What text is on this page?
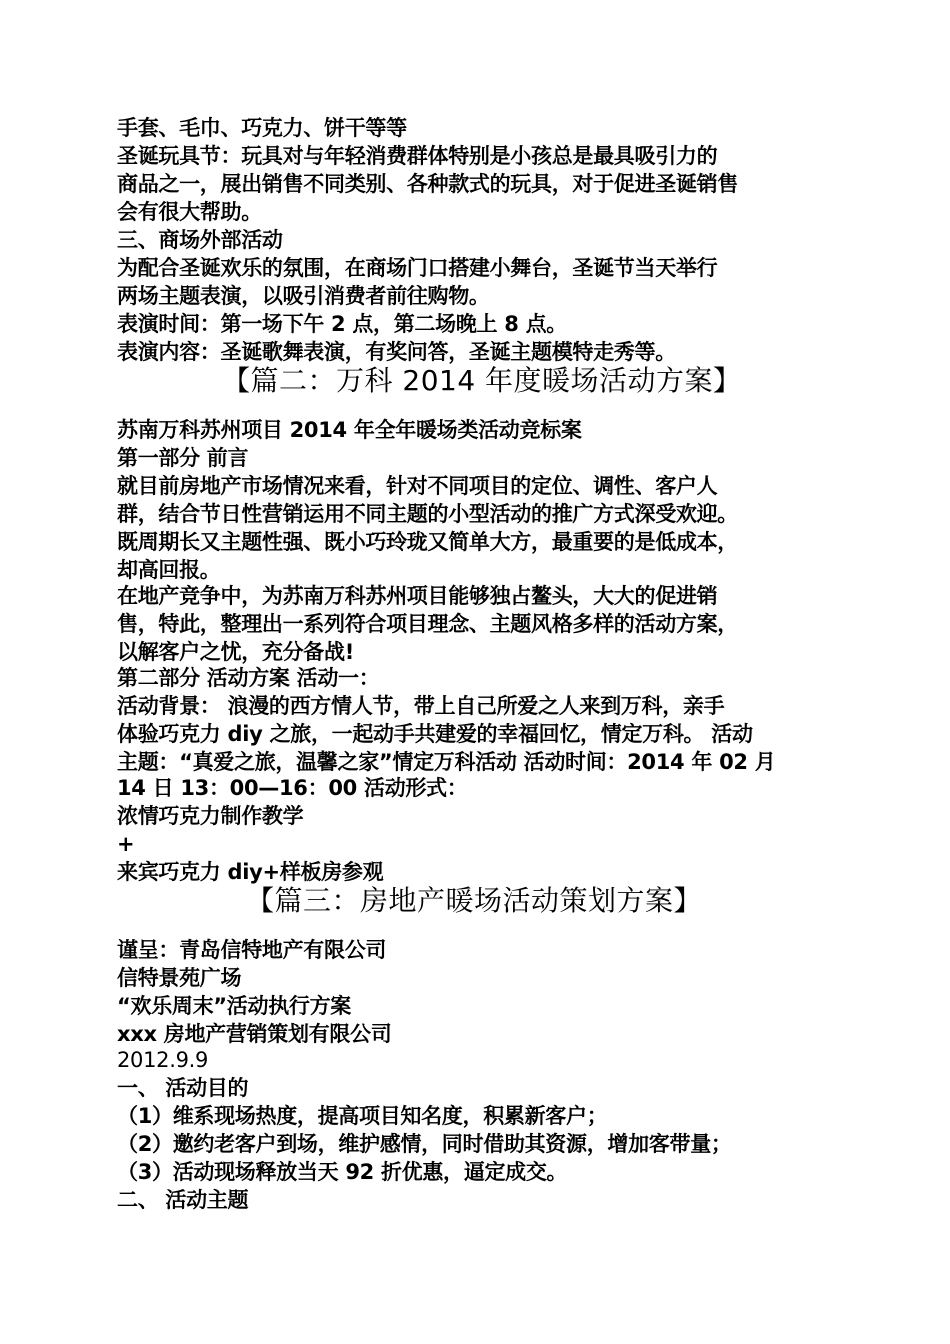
手套、毛巾、巧克力、饼干等等
圣诞玩具节：玩具对与年轻消费群体特别是小孩总是最具吸引力的
商品之一，展出销售不同类别、各种款式的玩具，对于促进圣诞销售
会有很大帮助。
三、商场外部活动
为配合圣诞欢乐的氛围，在商场门口搭建小舞台，圣诞节当天举行
两场主题表演，以吸引消费者前往购物。
表演时间：第一场下午 2 点，第二场晚上 8 点。
表演内容：圣诞歌舞表演，有奖问答，圣诞主题模特走秀等。
【篇二：万科 2014 年度暖场活动方案】
苏南万科苏州项目 2014 年全年暖场类活动竞标案
第一部分 前言
就目前房地产市场情况来看，针对不同项目的定位、调性、客户人
群，结合节日性营销运用不同主题的小型活动的推广方式深受欢迎。
既周期长又主题性强、既小巧玲珑又简单大方，最重要的是低成本，
却高回报。
在地产竞争中，为苏南万科苏州项目能够独占鳌头，大大的促进销
售，特此，整理出一系列符合项目理念、主题风格多样的活动方案，
以解客户之忧，充分备战!
第二部分 活动方案 活动一：
活动背景： 浪漫的西方情人节，带上自己所爱之人来到万科，亲手
体验巧克力 diy 之旅，一起动手共建爱的幸福回忆，情定万科。 活动
主题：“真爱之旅，温馨之家”情定万科活动 活动时间：2014 年 02 月
14 日 13：00—16：00 活动形式：
浓情巧克力制作教学
+
来宾巧克力 diy+样板房参观
【篇三：房地产暖场活动策划方案】
谨呈：青岛信特地产有限公司
信特景苑广场
“欢乐周末”活动执行方案
xxx 房地产营销策划有限公司
2012.9.9
一、 活动目的
（1）维系现场热度，提高项目知名度，积累新客户；
（2）邀约老客户到场，维护感情，同时借助其资源，增加客带量；
（3）活动现场释放当天 92 折优惠，逼定成交。
二、 活动主题
